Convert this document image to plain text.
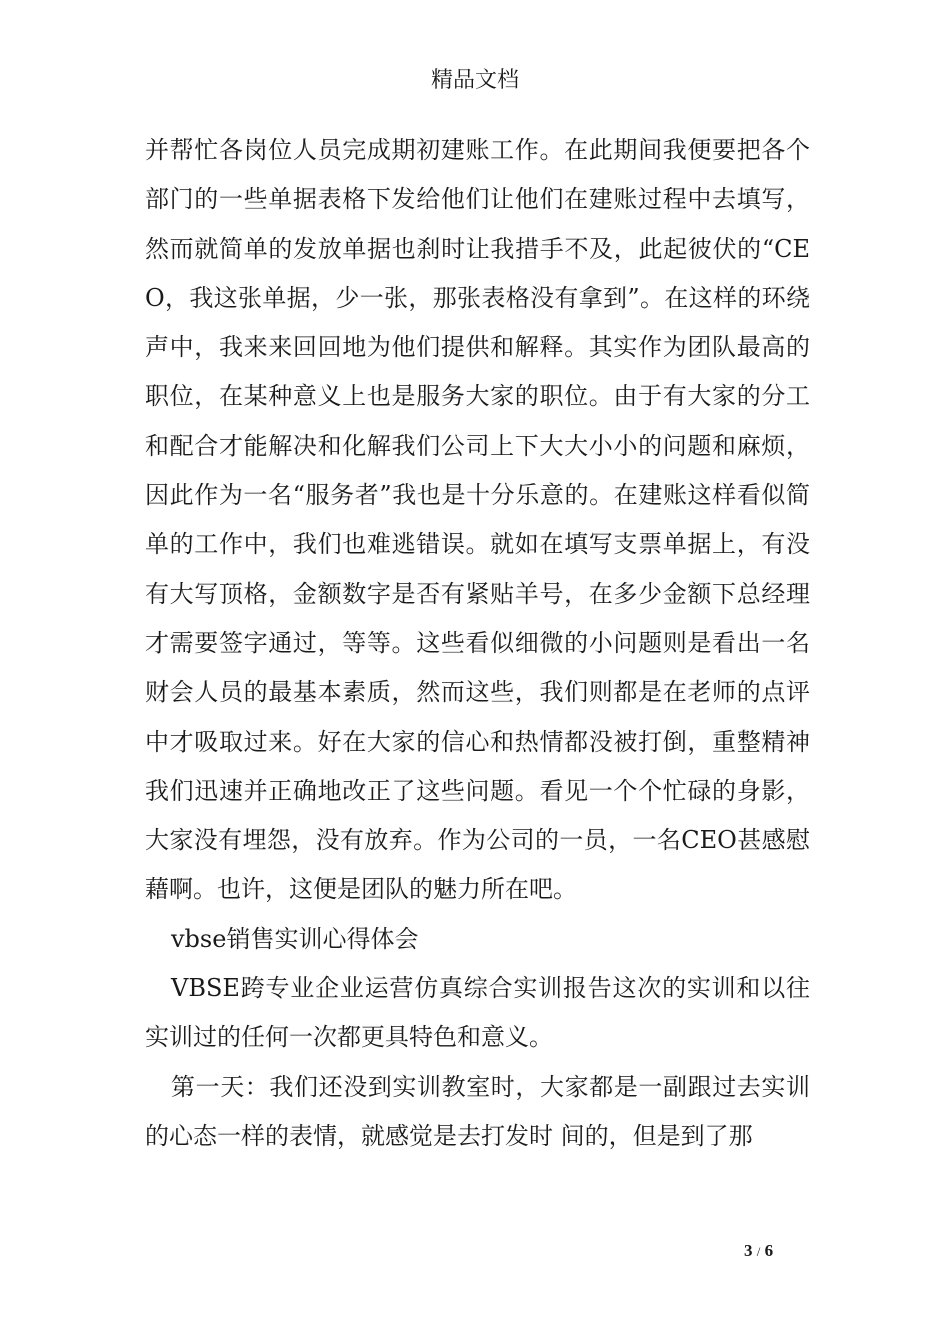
精品文档

并帮忙各岗位人员完成期初建账工作。在此期间我便要把各个部门的一些单据表格下发给他们让他们在建账过程中去填写，然而就简单的发放单据也刹时让我措手不及，此起彼伏的“CEO，我这张单据，少一张，那张表格没有拿到”。在这样的环绕声中，我来来回回地为他们提供和解释。其实作为团队最高的职位，在某种意义上也是服务大家的职位。由于有大家的分工和配合才能解决和化解我们公司上下大大小小的问题和麻烦，因此作为一名“服务者”我也是十分乐意的。在建账这样看似简单的工作中，我们也难逃错误。就如在填写支票单据上，有没有大写顶格，金额数字是否有紧贴羊号，在多少金额下总经理才需要签字通过，等等。这些看似细微的小问题则是看出一名财会人员的最基本素质，然而这些，我们则都是在老师的点评中才吸取过来。好在大家的信心和热情都没被打倒，重整精神我们迅速并正确地改正了这些问题。看见一个个忙碌的身影，大家没有埋怨，没有放弃。作为公司的一员，一名CEO甚感慰藉啊。也许，这便是团队的魅力所在吧。

vbse销售实训心得体会

VBSE跨专业企业运营仿真综合实训报告这次的实训和以往实训过的任何一次都更具特色和意义。

第一天：我们还没到实训教室时，大家都是一副跟过去实训的心态一样的表情，就感觉是去打发时 间的，但是到了那

3 / 6
